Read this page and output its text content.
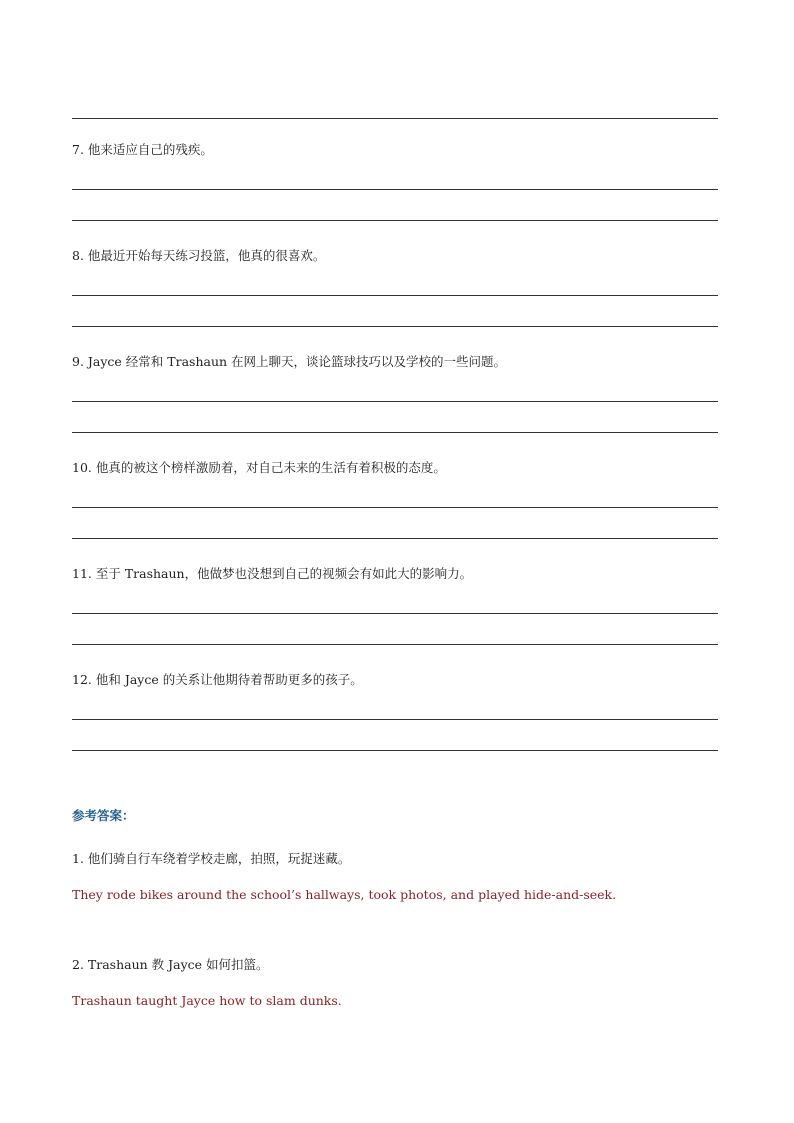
7. 他来适应自己的残疾。
8. 他最近开始每天练习投篮，他真的很喜欢。
9. Jayce 经常和 Trashaun 在网上聊天，谈论篮球技巧以及学校的一些问题。
10. 他真的被这个榜样激励着，对自己未来的生活有着积极的态度。
11. 至于 Trashaun，他做梦也没想到自己的视频会有如此大的影响力。
12. 他和 Jayce 的关系让他期待着帮助更多的孩子。
参考答案：
1. 他们骑自行车绕着学校走廊，拍照，玩捉迷藏。
They rode bikes around the school’s hallways, took photos, and played hide-and-seek.
2. Trashaun 教 Jayce 如何扣篮。
Trashaun taught Jayce how to slam dunks.
